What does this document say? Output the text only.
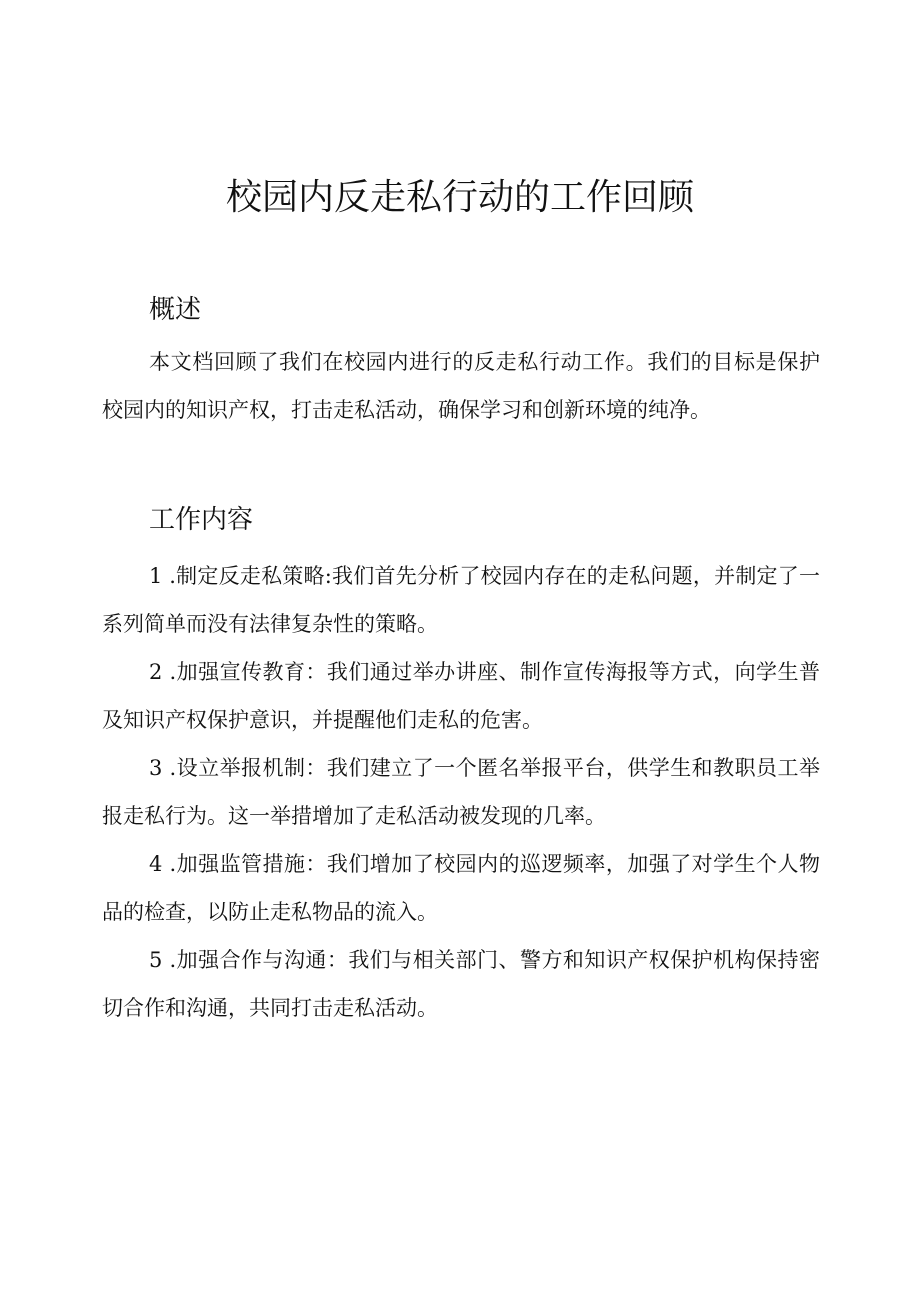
校园内反走私行动的工作回顾
概述

本文档回顾了我们在校园内进行的反走私行动工作。我们的目标是保护校园内的知识产权，打击走私活动，确保学习和创新环境的纯净。

工作内容

1 .制定反走私策略:我们首先分析了校园内存在的走私问题，并制定了一系列简单而没有法律复杂性的策略。

2 .加强宣传教育：我们通过举办讲座、制作宣传海报等方式，向学生普及知识产权保护意识，并提醒他们走私的危害。

3 .设立举报机制：我们建立了一个匿名举报平台，供学生和教职员工举报走私行为。这一举措增加了走私活动被发现的几率。

4 .加强监管措施：我们增加了校园内的巡逻频率，加强了对学生个人物品的检查，以防止走私物品的流入。

5 .加强合作与沟通：我们与相关部门、警方和知识产权保护机构保持密切合作和沟通，共同打击走私活动。
